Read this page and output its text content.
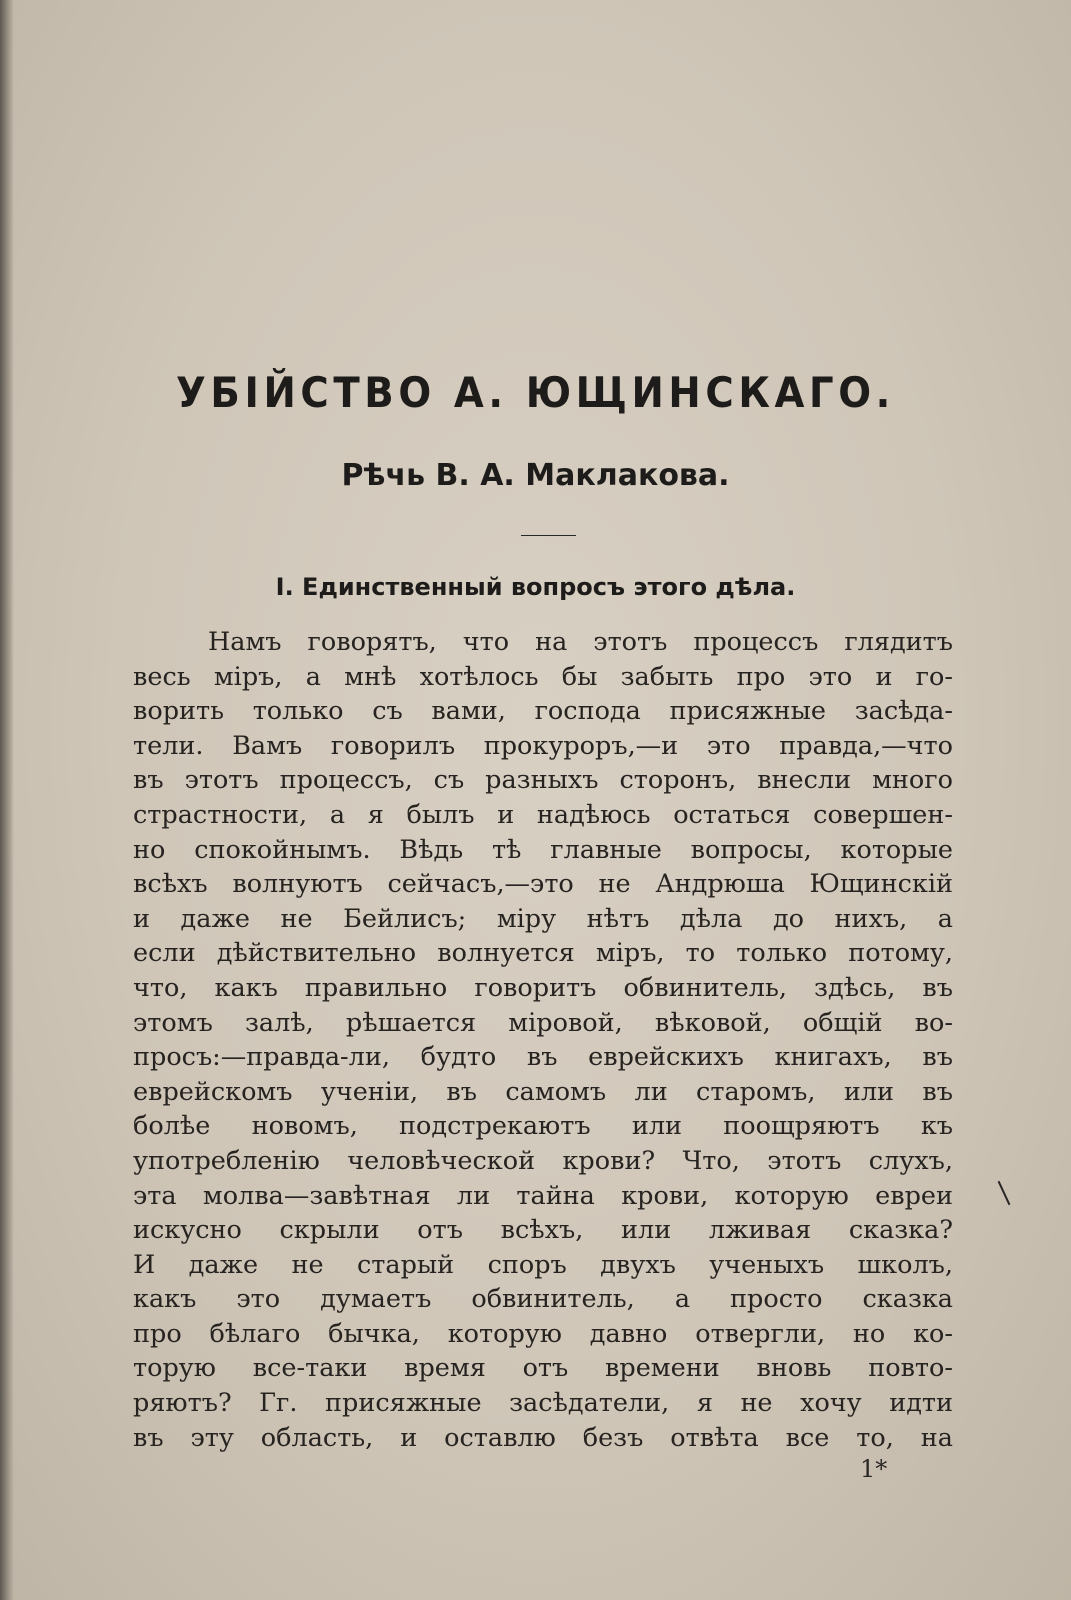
УБІЙСТВО А. ЮЩИНСКАГО.
Рѣчь В. А. Маклакова.
I. Единственный вопросъ этого дѣла.
Намъ говорятъ, что на этотъ процессъ глядитъ
весь міръ, а мнѣ хотѣлось бы забыть про это и го-
ворить только съ вами, господа присяжные засѣда-
тели. Вамъ говорилъ прокуроръ,—и это правда,—что
въ этотъ процессъ, съ разныхъ сторонъ, внесли много
страстности, а я былъ и надѣюсь остаться совершен-
но спокойнымъ. Вѣдь тѣ главные вопросы, которые
всѣхъ волнуютъ сейчасъ,—это не Андрюша Ющинскій
и даже не Бейлисъ; міру нѣтъ дѣла до нихъ, а
если дѣйствительно волнуется міръ, то только потому,
что, какъ правильно говоритъ обвинитель, здѣсь, въ
этомъ залѣ, рѣшается міровой, вѣковой, общій во-
просъ:—правда-ли, будто въ еврейскихъ книгахъ, въ
еврейскомъ ученіи, въ самомъ ли старомъ, или въ
болѣе новомъ, подстрекаютъ или поощряютъ къ
употребленію человѣческой крови? Что, этотъ слухъ,
эта молва—завѣтная ли тайна крови, которую евреи
искусно скрыли отъ всѣхъ, или лживая сказка?
И даже не старый споръ двухъ ученыхъ школъ,
какъ это думаетъ обвинитель, а просто сказка
про бѣлаго бычка, которую давно отвергли, но ко-
торую все-таки время отъ времени вновь повто-
ряютъ? Гг. присяжные засѣдатели, я не хочу идти
въ эту область, и оставлю безъ отвѣта все то, на
1*
